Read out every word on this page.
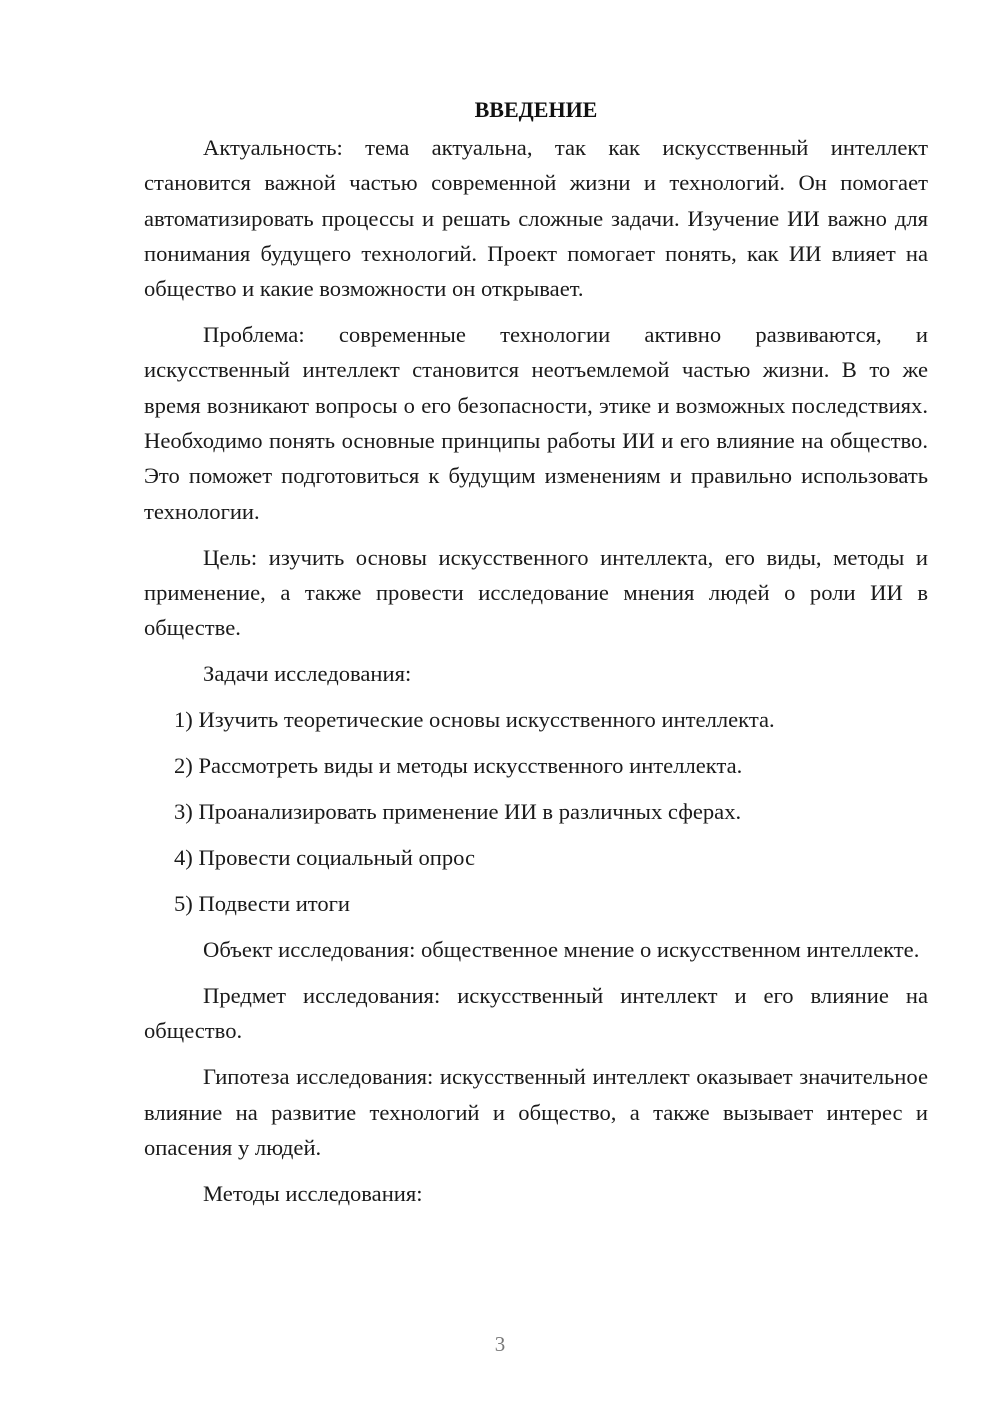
ВВЕДЕНИЕ

Актуальность: тема актуальна, так как искусственный интеллект становится важной частью современной жизни и технологий. Он помогает автоматизировать процессы и решать сложные задачи. Изучение ИИ важно для понимания будущего технологий. Проект помогает понять, как ИИ влияет на общество и какие возможности он открывает.

Проблема: современные технологии активно развиваются, и искусственный интеллект становится неотъемлемой частью жизни. В то же время возникают вопросы о его безопасности, этике и возможных последствиях. Необходимо понять основные принципы работы ИИ и его влияние на общество. Это поможет подготовиться к будущим изменениям и правильно использовать технологии.

Цель: изучить основы искусственного интеллекта, его виды, методы и применение, а также провести исследование мнения людей о роли ИИ в обществе.

Задачи исследования:

1) Изучить теоретические основы искусственного интеллекта.
2) Рассмотреть виды и методы искусственного интеллекта.
3) Проанализировать применение ИИ в различных сферах.
4) Провести социальный опрос
5) Подвести итоги

Объект исследования: общественное мнение о искусственном интеллекте.

Предмет исследования: искусственный интеллект и его влияние на общество.

Гипотеза исследования: искусственный интеллект оказывает значительное влияние на развитие технологий и общество, а также вызывает интерес и опасения у людей.

Методы исследования:

3
